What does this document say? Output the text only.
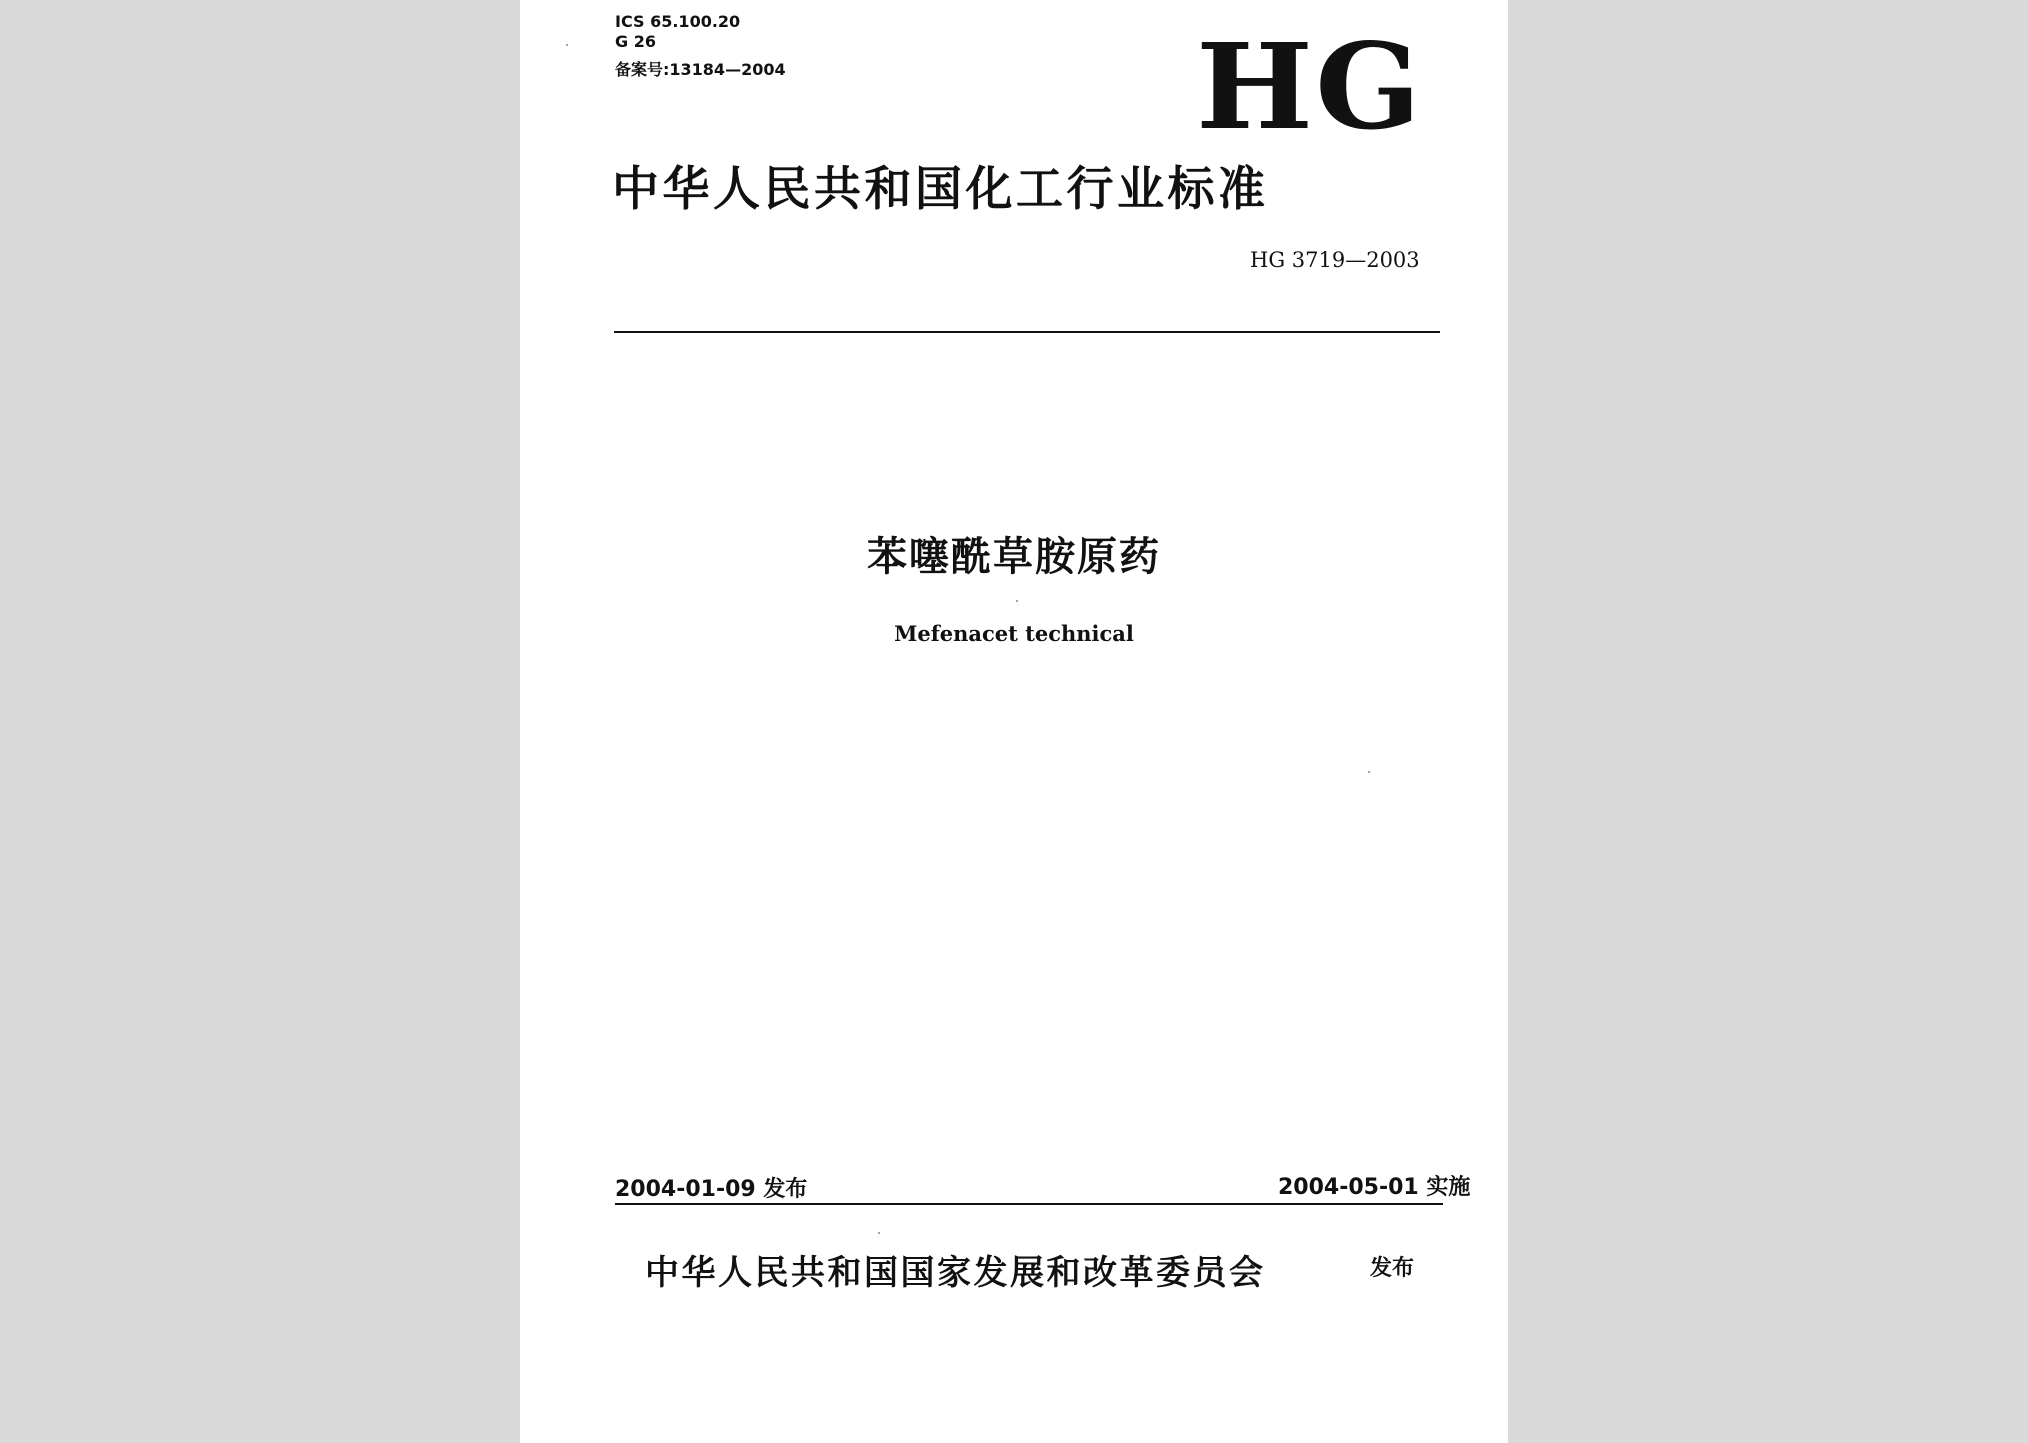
ICS 65.100.20
G 26
备案号:13184—2004	HG
中华人民共和国化工行业标准
HG 3719—2003
苯噻酰草胺原药
Mefenacet technical
2004-01-09 发布	2004-05-01 实施
中华人民共和国国家发展和改革委员会	发布
